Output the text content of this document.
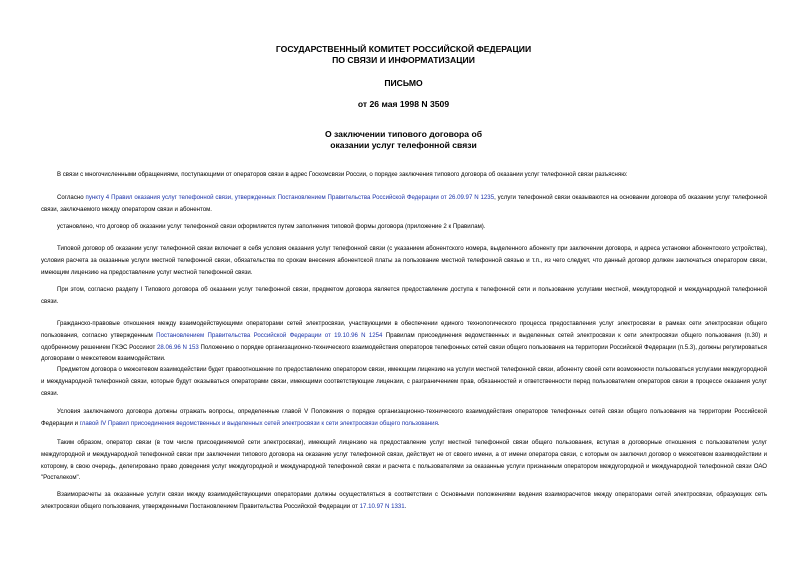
ГОСУДАРСТВЕННЫЙ КОМИТЕТ РОССИЙСКОЙ ФЕДЕРАЦИИ
ПО СВЯЗИ И ИНФОРМАТИЗАЦИИ
ПИСЬМО
от 26 мая 1998 N 3509
О заключении типового договора об
оказании услуг телефонной связи
В связи с многочисленными обращениями, поступающими от операторов связи в адрес Госкомсвязи России, о порядке заключения типового договора об оказании услуг телефонной связи разъясняю:
Согласно пункту 4 Правил оказания услуг телефонной связи, утвержденных Постановлением Правительства Российской Федерации от 26.09.97 N 1235, услуги телефонной связи оказываются на основании договора об оказании услуг телефонной связи, заключаемого между оператором связи и абонентом.
установлено, что договор об оказании услуг телефонной связи оформляется путем заполнения типовой формы договора (приложение 2 к Правилам).
Типовой договор об оказании услуг телефонной связи включает в себя условия оказания услуг телефонной связи (с указанием абонентского номера, выделенного абоненту при заключении договора, и адреса установки абонентского устройства), условия расчета за оказанные услуги местной телефонной связи, обязательства по срокам внесения абонентской платы за пользование местной телефонной связью и т.п., из чего следует, что данный договор должен заключаться оператором связи, имеющим лицензию на предоставление услуг местной телефонной связи.
При этом, согласно разделу I Типового договора об оказании услуг телефонной связи, предметом договора является предоставление доступа к телефонной сети и пользование услугами местной, междугородной и международной телефонной связи.
Гражданско-правовые отношения между взаимодействующими операторами сетей электросвязи, участвующими в обеспечении единого технологического процесса предоставления услуг электросвязи в рамках сети электросвязи общего пользования, согласно утвержденным Постановлением Правительства Российской Федерации от 19.10.96 N 1254 Правилам присоединения ведомственных и выделенных сетей электросвязи к сети электросвязи общего пользования (п.30) и одобренному решением ГКЭС Россииот 28.06.96 N 153 Положению о порядке организационно-технического взаимодействия операторов телефонных сетей связи общего пользования на территории Российской Федерации (п.5.3), должны регулироваться договорами о межсетевом взаимодействии.
Предметом договора о межсетевом взаимодействии будет правоотношение по предоставлению оператором связи, имеющим лицензию на услуги местной телефонной связи, абоненту своей сети возможности пользоваться услугами междугородной и международной телефонной связи, которые будут оказываться операторами связи, имеющими соответствующие лицензии, с разграничением прав, обязанностей и ответственности перед пользователем операторов связи в процессе оказания услуг связи.
Условия заключаемого договора должны отражать вопросы, определенные главой V Положения о порядке организационно-технического взаимодействия операторов телефонных сетей связи общего пользования на территории Российской Федерации и главой IV Правил присоединения ведомственных и выделенных сетей электросвязи к сети электросвязи общего пользования.
Таким образом, оператор связи (в том числе присоединяемой сети электросвязи), имеющий лицензию на предоставление услуг местной телефонной связи общего пользования, вступая в договорные отношения с пользователем услуг междугородной и международной телефонной связи при заключении типового договора на оказание услуг телефонной связи, действует не от своего имени, а от имени оператора связи, с которым он заключил договор о межсетевом взаимодействии и которому, в свою очередь, делегировано право доведения услуг междугородной и международной телефонной связи и расчета с пользователями за оказанные услуги признанным оператором междугородной и международной телефонной связи ОАО "Ростелеком".
Взаиморасчеты за оказанные услуги связи между взаимодействующими операторами должны осуществляться в соответствии с Основными положениями ведения взаиморасчетов между операторами сетей электросвязи, образующих сеть электросвязи общего пользования, утвержденными Постановлением Правительства Российской Федерации от 17.10.97 N 1331.
